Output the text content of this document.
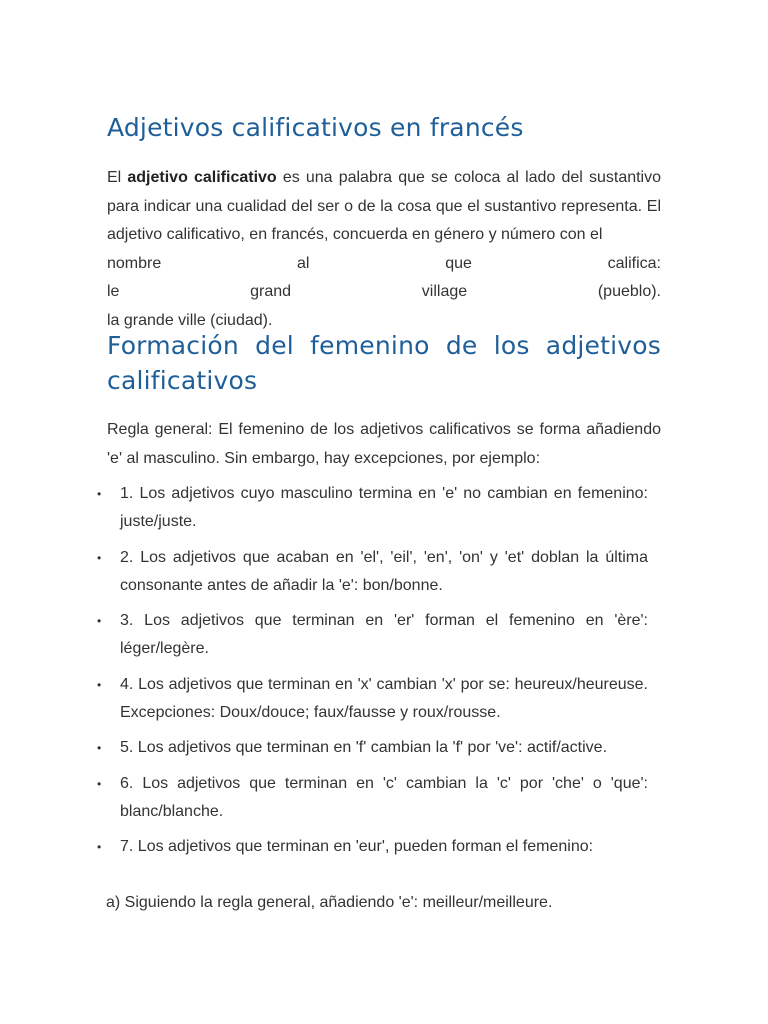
Adjetivos calificativos en francés
El adjetivo calificativo es una palabra que se coloca al lado del sustantivo para indicar una cualidad del ser o de la cosa que el sustantivo representa. El adjetivo calificativo, en francés, concuerda en género y número con el
nombre al que califica:
le grand village (pueblo).
la grande ville (ciudad).
Formación del femenino de los adjetivos calificativos

Regla general: El femenino de los adjetivos calificativos se forma añadiendo 'e' al masculino. Sin embargo, hay excepciones, por ejemplo:

• 1. Los adjetivos cuyo masculino termina en 'e' no cambian en femenino: juste/juste.
• 2. Los adjetivos que acaban en 'el', 'eil', 'en', 'on' y 'et' doblan la última consonante antes de añadir la 'e': bon/bonne.
• 3. Los adjetivos que terminan en 'er' forman el femenino en 'ère': léger/legère.
• 4. Los adjetivos que terminan en 'x' cambian 'x' por se: heureux/heureuse. Excepciones: Doux/douce; faux/fausse y roux/rousse.
• 5. Los adjetivos que terminan en 'f' cambian la 'f' por 've': actif/active.
• 6. Los adjetivos que terminan en 'c' cambian la 'c' por 'che' o 'que': blanc/blanche.
• 7. Los adjetivos que terminan en 'eur', pueden forman el femenino:
a) Siguiendo la regla general, añadiendo 'e': meilleur/meilleure.
